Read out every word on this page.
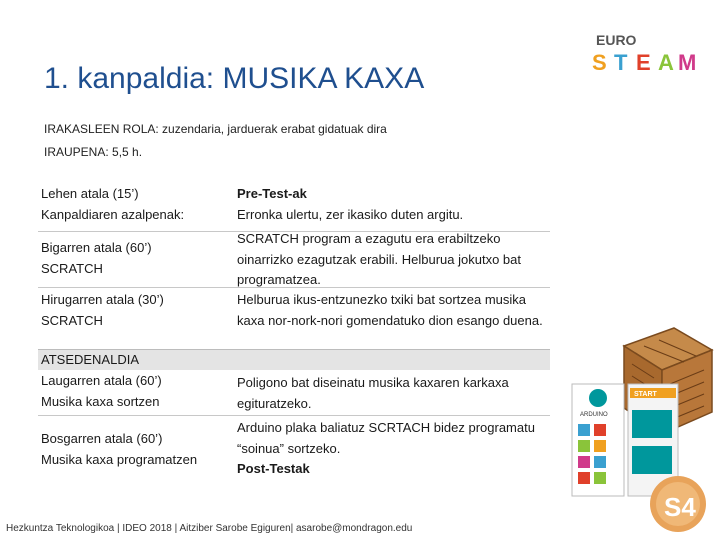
1. kanpaldia: MUSIKA KAXA
IRAKASLEEN ROLA: zuzendaria, jarduerak erabat gidatuak dira
IRAUPENA: 5,5 h.
EURO
S T E A M
STEAM
Lehen atala (15’)
Kanpaldiaren azalpenak:
Pre-Test-ak
Erronka ulertu, zer ikasiko duten argitu.
Bigarren atala (60’)
SCRATCH
SCRATCH program a ezagutu era erabiltzeko oinarrizko ezagutzak erabili. Helburua jokutxo bat programatzea.
Hirugarren atala (30’)
SCRATCH
Helburua ikus-entzunezko txiki bat sortzea musika kaxa nor-nork-nori gomendatuko dion esango duena.
ATSEDENALDIA
Laugarren atala (60’)
Musika kaxa sortzen
Poligono bat diseinatu musika kaxaren karkaxa egituratzeko.
Bosgarren atala (60’)
Musika kaxa programatzen
Arduino plaka baliatuz SCRTACH bidez programatu “soinua” sortzeko.
Post-Testak
ARDUINO
START
S4
Hezkuntza Teknologikoa | IDEO 2018 | Aitziber Sarobe Egiguren| asarobe@mondragon.edu
